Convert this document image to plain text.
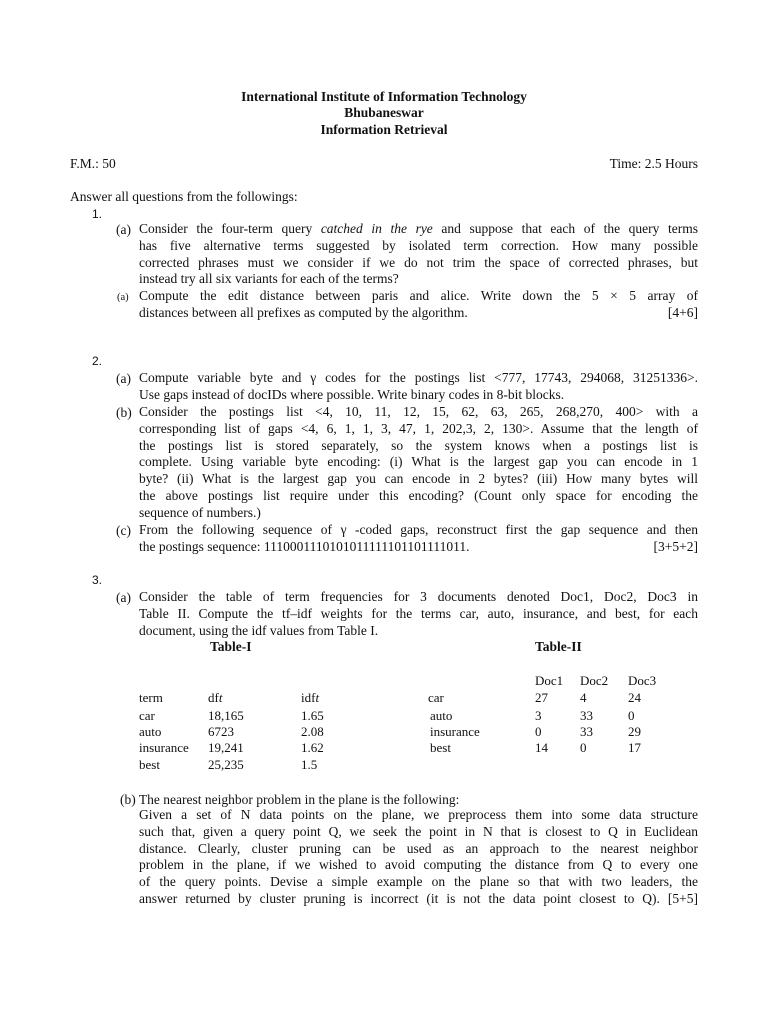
International Institute of Information Technology
Bhubaneswar
Information Retrieval
F.M.: 50	Time: 2.5 Hours
Answer all questions from the followings:
1.
(a) Consider the four-term query catched in the rye and suppose that each of the query terms
has five alternative terms suggested by isolated term correction. How many possible
corrected phrases must we consider if we do not trim the space of corrected phrases, but
instead try all six variants for each of the terms?
(a) Compute the edit distance between paris and alice. Write down the 5 × 5 array of
distances between all prefixes as computed by the algorithm.	[4+6]
2.
(a) Compute variable byte and γ codes for the postings list <777, 17743, 294068, 31251336>.
Use gaps instead of docIDs where possible. Write binary codes in 8-bit blocks.
(b) Consider the postings list <4, 10, 11, 12, 15, 62, 63, 265, 268,270, 400> with a
corresponding list of gaps <4, 6, 1, 1, 3, 47, 1, 202,3, 2, 130>. Assume that the length of
the postings list is stored separately, so the system knows when a postings list is
complete. Using variable byte encoding: (i) What is the largest gap you can encode in 1
byte? (ii) What is the largest gap you can encode in 2 bytes? (iii) How many bytes will
the above postings list require under this encoding? (Count only space for encoding the
sequence of numbers.)
(c) From the following sequence of γ -coded gaps, reconstruct first the gap sequence and then
the postings sequence: 1110001110101011111101101111011.	[3+5+2]
3.
(a) Consider the table of term frequencies for 3 documents denoted Doc1, Doc2, Doc3 in
Table II. Compute the tf–idf weights for the terms car, auto, insurance, and best, for each
document, using the idf values from Table I.
Table-I
term	dft	idft
car	18,165	1.65
auto	6723	2.08
insurance 19,241	1.62
best	25,235	1.5
Table-II
Doc1 Doc2 Doc3
car	27 4	24
auto	3	33	0
insurance	0	33	29
best	14 0	17
(b) The nearest neighbor problem in the plane is the following:
Given a set of N data points on the plane, we preprocess them into some data structure
such that, given a query point Q, we seek the point in N that is closest to Q in Euclidean
distance. Clearly, cluster pruning can be used as an approach to the nearest neighbor
problem in the plane, if we wished to avoid computing the distance from Q to every one
of the query points. Devise a simple example on the plane so that with two leaders, the
answer returned by cluster pruning is incorrect (it is not the data point closest to Q). [5+5]
